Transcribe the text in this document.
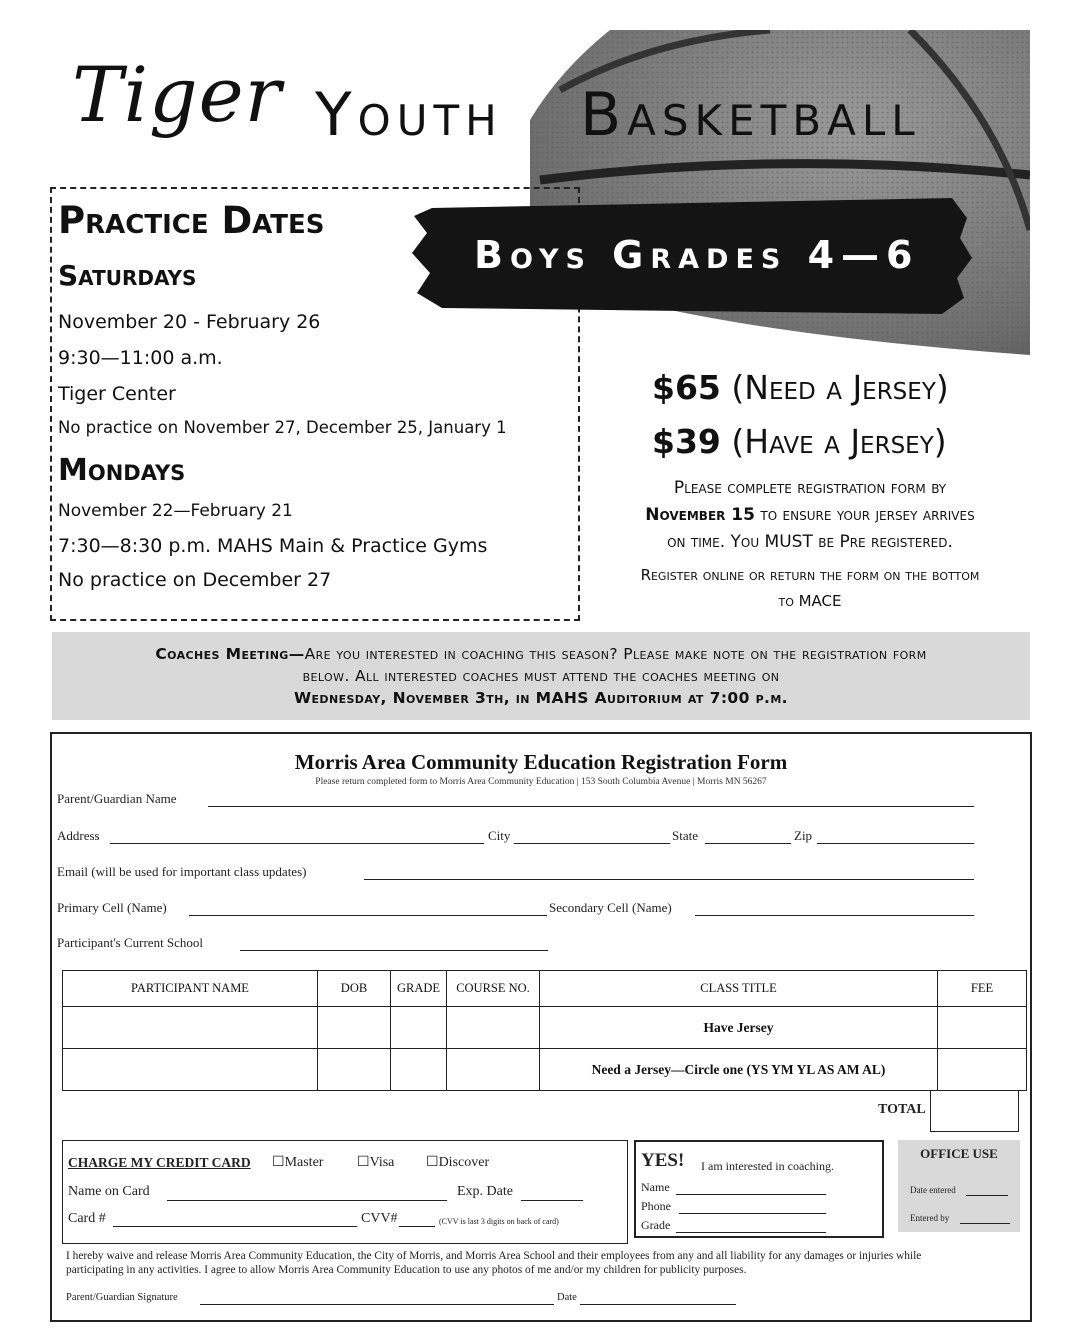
Tiger Youth Basketball
Practice Dates
Saturdays
November 20 - February 26
9:30—11:00 a.m.
Tiger Center
No practice on November 27, December 25, January 1
Mondays
November 22—February 21
7:30—8:30 p.m. MAHS Main & Practice Gyms
No practice on December 27
Boys Grades 4—6
$65 (Need a Jersey)
$39 (Have a Jersey)
Please complete registration form by
November 15 to ensure your jersey arrives
on time. You MUST be Pre registered.
Register online or return the form on the bottom
to MACE
Coaches Meeting—Are you interested in coaching this season? Please make note on the registration form
below. All interested coaches must attend the coaches meeting on
Wednesday, November 3th, in MAHS Auditorium at 7:00 p.m.
Morris Area Community Education Registration Form
Please return completed form to Morris Area Community Education | 153 South Columbia Avenue | Morris MN 56267
Parent/Guardian Name
Address	City	State	Zip
Email (will be used for important class updates)
Primary Cell (Name)	Secondary Cell (Name)
Participant's Current School
PARTICIPANT NAME	DOB	GRADE	COURSE NO.	CLASS TITLE	FEE
				Have Jersey	
				Need a Jersey—Circle one (YS YM YL AS AM AL)	
TOTAL
CHARGE MY CREDIT CARD ☐Master ☐Visa ☐Discover
Name on Card	Exp. Date
Card #	CVV#	(CVV is last 3 digits on back of card)
YES! I am interested in coaching.
Name
Phone
Grade
OFFICE USE
Date entered
Entered by
I hereby waive and release Morris Area Community Education, the City of Morris, and Morris Area School and their employees from any and all liability for any damages or injuries while
participating in any activities. I agree to allow Morris Area Community Education to use any photos of me and/or my children for publicity purposes.
Parent/Guardian Signature	Date
